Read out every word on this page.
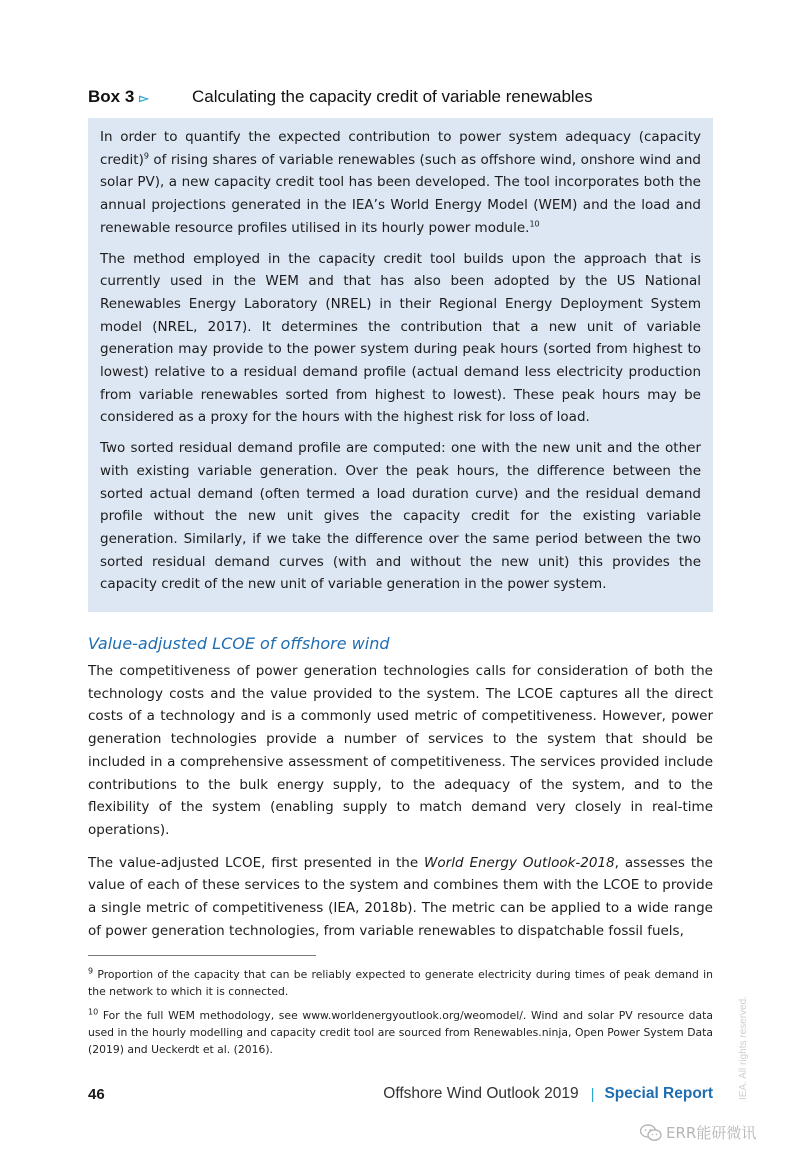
Box 3 ▻	Calculating the capacity credit of variable renewables

In order to quantify the expected contribution to power system adequacy (capacity credit)$^9$ of rising shares of variable renewables (such as offshore wind, onshore wind and solar PV), a new capacity credit tool has been developed. The tool incorporates both the annual projections generated in the IEA’s World Energy Model (WEM) and the load and renewable resource profiles utilised in its hourly power module.$^{10}$

The method employed in the capacity credit tool builds upon the approach that is currently used in the WEM and that has also been adopted by the US National Renewables Energy Laboratory (NREL) in their Regional Energy Deployment System model (NREL, 2017). It determines the contribution that a new unit of variable generation may provide to the power system during peak hours (sorted from highest to lowest) relative to a residual demand profile (actual demand less electricity production from variable renewables sorted from highest to lowest). These peak hours may be considered as a proxy for the hours with the highest risk for loss of load.

Two sorted residual demand profile are computed: one with the new unit and the other with existing variable generation. Over the peak hours, the difference between the sorted actual demand (often termed a load duration curve) and the residual demand profile without the new unit gives the capacity credit for the existing variable generation. Similarly, if we take the difference over the same period between the two sorted residual demand curves (with and without the new unit) this provides the capacity credit of the new unit of variable generation in the power system.

Value-adjusted LCOE of offshore wind

The competitiveness of power generation technologies calls for consideration of both the technology costs and the value provided to the system. The LCOE captures all the direct costs of a technology and is a commonly used metric of competitiveness. However, power generation technologies provide a number of services to the system that should be included in a comprehensive assessment of competitiveness. The services provided include contributions to the bulk energy supply, to the adequacy of the system, and to the flexibility of the system (enabling supply to match demand very closely in real-time operations).

The value-adjusted LCOE, first presented in the World Energy Outlook-2018, assesses the value of each of these services to the system and combines them with the LCOE to provide a single metric of competitiveness (IEA, 2018b). The metric can be applied to a wide range of power generation technologies, from variable renewables to dispatchable fossil fuels,

$^9$ Proportion of the capacity that can be reliably expected to generate electricity during times of peak demand in the network to which it is connected.

$^{10}$ For the full WEM methodology, see www.worldenergyoutlook.org/weomodel/. Wind and solar PV resource data used in the hourly modelling and capacity credit tool are sourced from Renewables.ninja, Open Power System Data (2019) and Ueckerdt et al. (2016).

46	Offshore Wind Outlook 2019 | Special Report	IEA. All rights reserved.
ERR能研微讯
